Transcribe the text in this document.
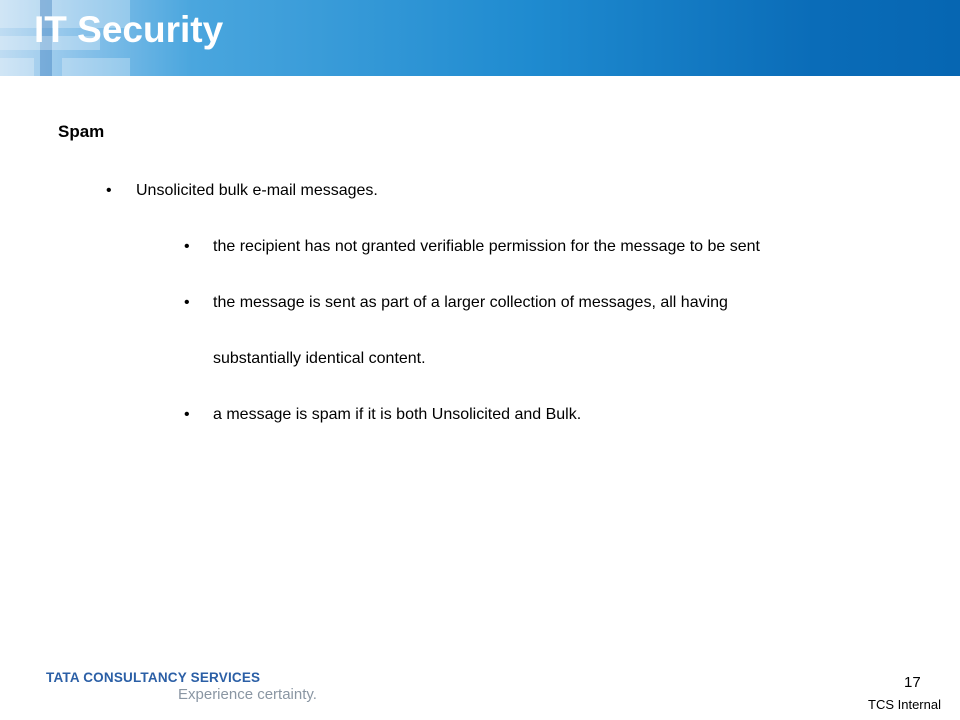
IT Security
Spam
• Unsolicited bulk e-mail messages.
• the recipient has not granted verifiable permission for the message to be sent
• the message is sent as part of a larger collection of messages, all having
substantially identical content.
• a message is spam if it is both Unsolicited and Bulk.
TATA CONSULTANCY SERVICES
Experience certainty.
17
TCS Internal
